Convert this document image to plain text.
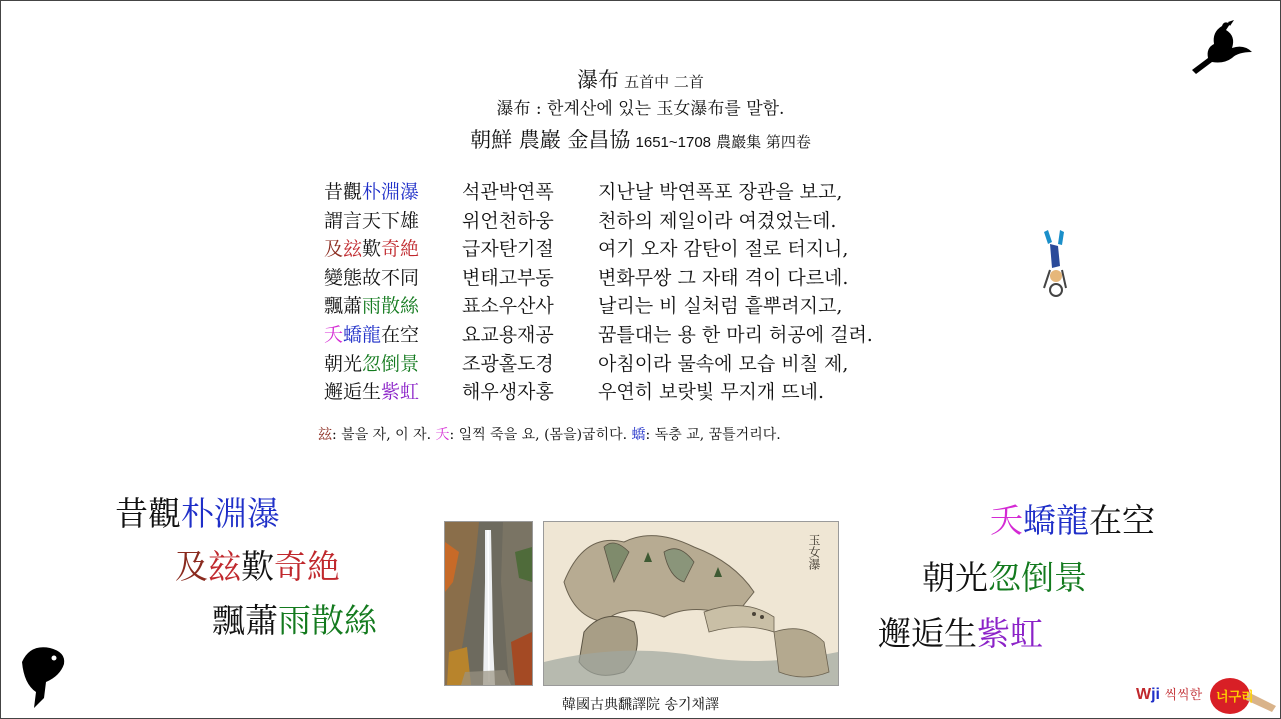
瀑布 五首中 二首
瀑布 : 한계산에 있는 玉女瀑布를 말함.
朝鮮 農巖 金昌協 1651~1708 農巖集 第四卷
昔觀朴淵瀑 석관박연폭 지난날 박연폭포 장관을 보고,
謂言天下雄 위언천하웅 천하의 제일이라 여겼었는데.
及玆歎奇絶 급자탄기절 여기 오자 감탄이 절로 터지니,
變態故不同 변태고부동 변화무쌍 그 자태 격이 다르네.
飄蕭雨散絲 표소우산사 날리는 비 실처럼 흩뿌려지고,
夭蟜龍在空 요교용재공 꿈틀대는 용 한 마리 허공에 걸려.
朝光忽倒景 조광홀도경 아침이라 물속에 모습 비칠 제,
邂逅生紫虹 해우생자홍 우연히 보랏빛 무지개 뜨네.
玆: 불을 자, 이 자. 夭: 일찍 죽을 요, (몸을)굽히다. 蟜: 독충 교, 꿈틀거리다.
昔觀朴淵瀑
及玆歎奇絶
飄蕭雨散絲
夭蟜龍在空
朝光忽倒景
邂逅生紫虹
玉女瀑
韓國古典飜譯院 송기채譯
Wji 씩씩한 너구리
